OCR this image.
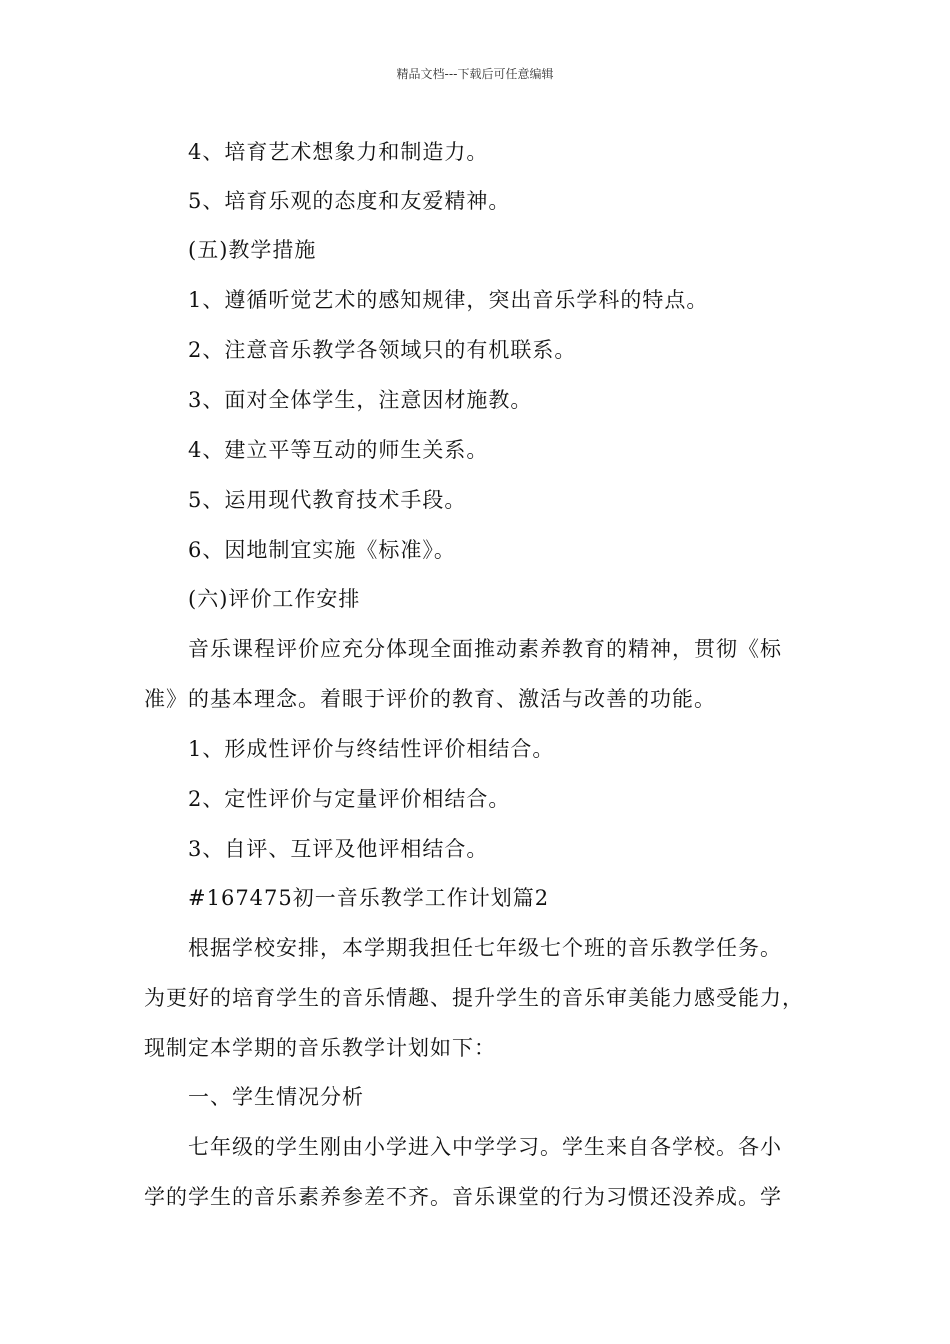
精品文档---下载后可任意编辑
4、培育艺术想象力和制造力。
5、培育乐观的态度和友爱精神。
(五)教学措施
1、遵循听觉艺术的感知规律，突出音乐学科的特点。
2、注意音乐教学各领域只的有机联系。
3、面对全体学生，注意因材施教。
4、建立平等互动的师生关系。
5、运用现代教育技术手段。
6、因地制宜实施《标准》。
(六)评价工作安排
音乐课程评价应充分体现全面推动素养教育的精神，贯彻《标
准》的基本理念。着眼于评价的教育、激活与改善的功能。
1、形成性评价与终结性评价相结合。
2、定性评价与定量评价相结合。
3、自评、互评及他评相结合。
#167475初一音乐教学工作计划篇2
根据学校安排，本学期我担任七年级七个班的音乐教学任务。
为更好的培育学生的音乐情趣、提升学生的音乐审美能力感受能力，
现制定本学期的音乐教学计划如下：
一、学生情况分析
七年级的学生刚由小学进入中学学习。学生来自各学校。各小
学的学生的音乐素养参差不齐。音乐课堂的行为习惯还没养成。学
